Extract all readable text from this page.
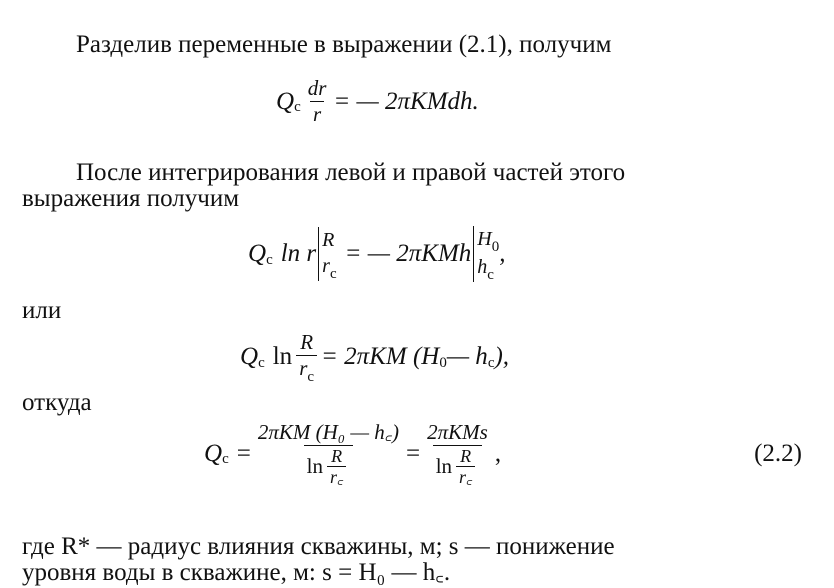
Разделив переменные в выражении (2.1), получим
Q с $\frac{dr}{r}$ = — 2πKMdh.
После интегрирования левой и правой частей этого
выражения получим
Q с ln r R
$r_с$
= — 2πKMh
$H_0$
$h_с$
,
или
Q с $\ln \frac{R}{r_с} = 2\pi KM$ (H 0 — h с ),
откуда
Q $с = \frac{\text{2πKM (H₀ — h꜀)}}{\ln \frac{R}{r꜀}} = \frac{\text{2πKMs}}{\ln \frac{R}{r꜀}}$ ,	(2.2)
где R* — радиус влияния скважины, м; s — понижение
уровня воды в скважине, м: s = H₀ — h꜀.
